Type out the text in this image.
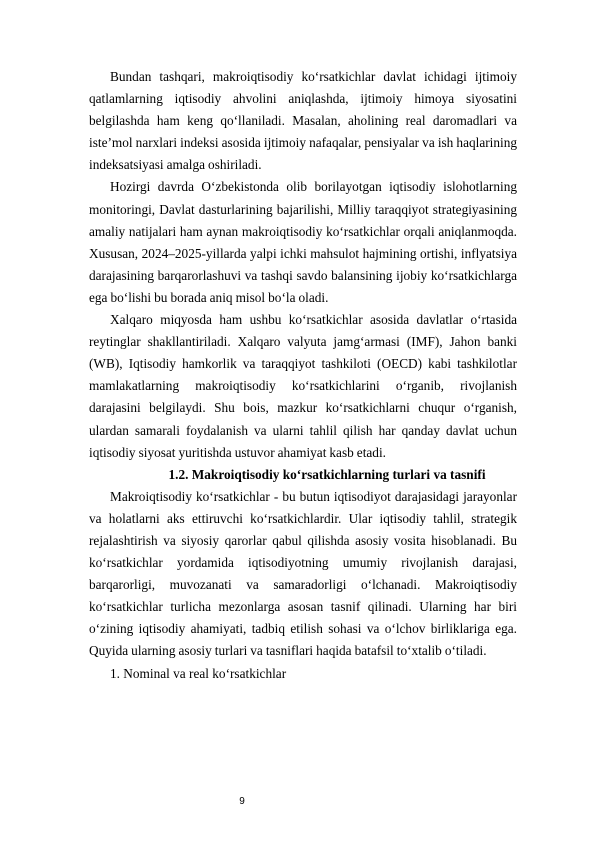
Bundan tashqari, makroiqtisodiy ko‘rsatkichlar davlat ichidagi ijtimoiy qatlamlarning iqtisodiy ahvolini aniqlashda, ijtimoiy himoya siyosatini belgilashda ham keng qo‘llaniladi. Masalan, aholining real daromadlari va iste’mol narxlari indeksi asosida ijtimoiy nafaqalar, pensiyalar va ish haqlarining indeksatsiyasi amalga oshiriladi.

Hozirgi davrda O‘zbekistonda olib borilayotgan iqtisodiy islohotlarning monitoringi, Davlat dasturlarining bajarilishi, Milliy taraqqiyot strategiyasining amaliy natijalari ham aynan makroiqtisodiy ko‘rsatkichlar orqali aniqlanmoqda. Xususan, 2024–2025-yillarda yalpi ichki mahsulot hajmining ortishi, inflyatsiya darajasining barqarorlashuvi va tashqi savdo balansining ijobiy ko‘rsatkichlarga ega bo‘lishi bu borada aniq misol bo‘la oladi.

Xalqaro miqyosda ham ushbu ko‘rsatkichlar asosida davlatlar o‘rtasida reytinglar shakllantiriladi. Xalqaro valyuta jamg‘armasi (IMF), Jahon banki (WB), Iqtisodiy hamkorlik va taraqqiyot tashkiloti (OECD) kabi tashkilotlar mamlakatlarning makroiqtisodiy ko‘rsatkichlarini o‘rganib, rivojlanish darajasini belgilaydi. Shu bois, mazkur ko‘rsatkichlarni chuqur o‘rganish, ulardan samarali foydalanish va ularni tahlil qilish har qanday davlat uchun iqtisodiy siyosat yuritishda ustuvor ahamiyat kasb etadi.

1.2. Makroiqtisodiy ko‘rsatkichlarning turlari va tasnifi

Makroiqtisodiy ko‘rsatkichlar - bu butun iqtisodiyot darajasidagi jarayonlar va holatlarni aks ettiruvchi ko‘rsatkichlardir. Ular iqtisodiy tahlil, strategik rejalashtirish va siyosiy qarorlar qabul qilishda asosiy vosita hisoblanadi. Bu ko‘rsatkichlar yordamida iqtisodiyotning umumiy rivojlanish darajasi, barqarorligi, muvozanati va samaradorligi o‘lchanadi. Makroiqtisodiy ko‘rsatkichlar turlicha mezonlarga asosan tasnif qilinadi. Ularning har biri o‘zining iqtisodiy ahamiyati, tadbiq etilish sohasi va o‘lchov birliklariga ega. Quyida ularning asosiy turlari va tasniflari haqida batafsil to‘xtalib o‘tiladi.

1. Nominal va real ko‘rsatkichlar

9
